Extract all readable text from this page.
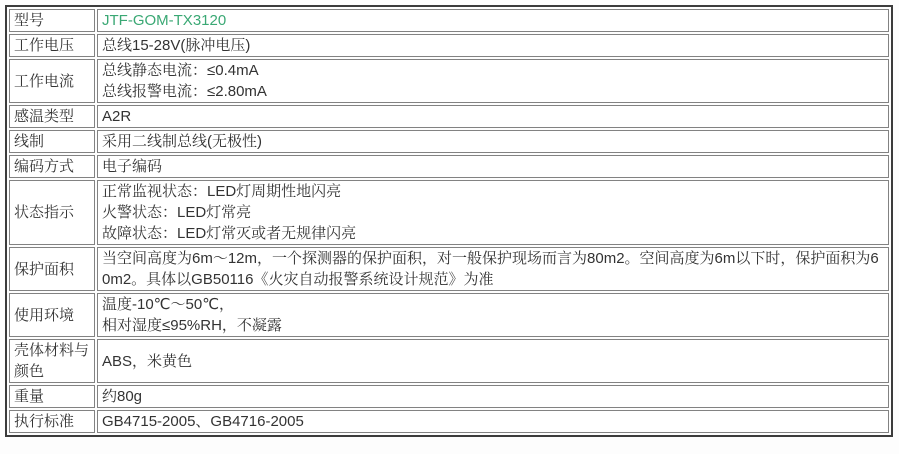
型号	JTF-GOM-TX3120

工作电压	总线15-28V(脉冲电压)

工作电流	总线静态电流：≤0.4mA
总线报警电流：≤2.80mA

感温类型	A2R

线制	采用二线制总线(无极性)

编码方式	电子编码

状态指示	正常监视状态：LED灯周期性地闪亮
火警状态：LED灯常亮
故障状态：LED灯常灭或者无规律闪亮

保护面积	当空间高度为6m～12m，一个探测器的保护面积，对一般保护现场而言为80m2。空间高度为6m以下时，保护面积为60m2。具体以GB50116《火灾自动报警系统设计规范》为准

使用环境	温度-10℃～50℃，
相对湿度≤95%RH，不凝露

壳体材料与颜色	ABS，米黄色

重量	约80g

执行标准	GB4715-2005、GB4716-2005
